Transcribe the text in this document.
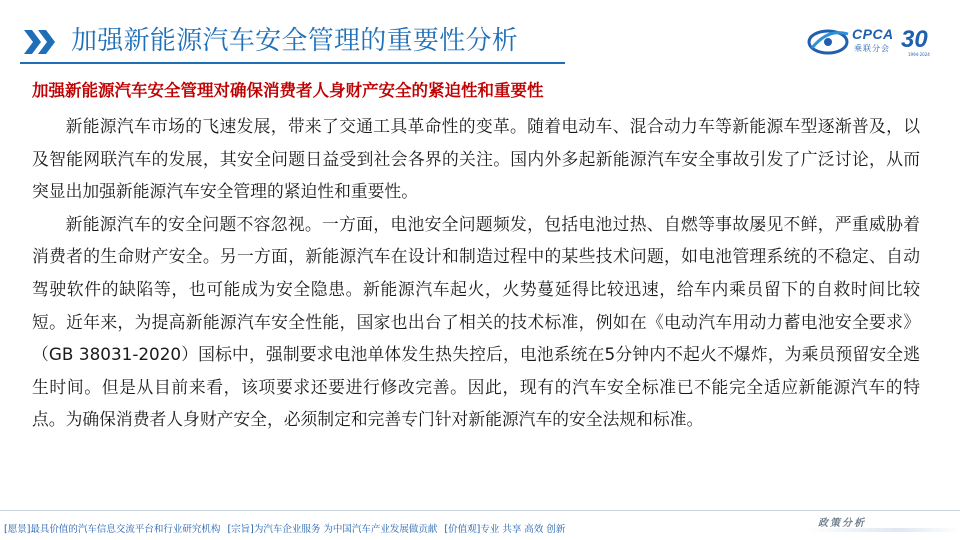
加强新能源汽车安全管理的重要性分析	CPCA
乘联分会 30
1994-2024
加强新能源汽车安全管理对确保消费者人身财产安全的紧迫性和重要性

新能源汽车市场的飞速发展，带来了交通工具革命性的变革。随着电动车、混合动力车等新能源车型逐渐普及，以及智能网联汽车的发展，其安全问题日益受到社会各界的关注。国内外多起新能源汽车安全事故引发了广泛讨论，从而突显出加强新能源汽车安全管理的紧迫性和重要性。

新能源汽车的安全问题不容忽视。一方面，电池安全问题频发，包括电池过热、自燃等事故屡见不鲜，严重威胁着消费者的生命财产安全。另一方面，新能源汽车在设计和制造过程中的某些技术问题，如电池管理系统的不稳定、自动驾驶软件的缺陷等，也可能成为安全隐患。新能源汽车起火，火势蔓延得比较迅速，给车内乘员留下的自救时间比较短。近年来，为提高新能源汽车安全性能，国家也出台了相关的技术标准，例如在《电动汽车用动力蓄电池安全要求》（GB 38031-2020）国标中，强制要求电池单体发生热失控后，电池系统在5分钟内不起火不爆炸，为乘员预留安全逃生时间。但是从目前来看，该项要求还要进行修改完善。因此，现有的汽车安全标准已不能完全适应新能源汽车的特点。为确保消费者人身财产安全，必须制定和完善专门针对新能源汽车的安全法规和标准。

[愿景]最具价值的汽车信息交流平台和行业研究机构 [宗旨]为汽车企业服务 为中国汽车产业发展做贡献 [价值观]专业 共享 高效 创新
政策分析
